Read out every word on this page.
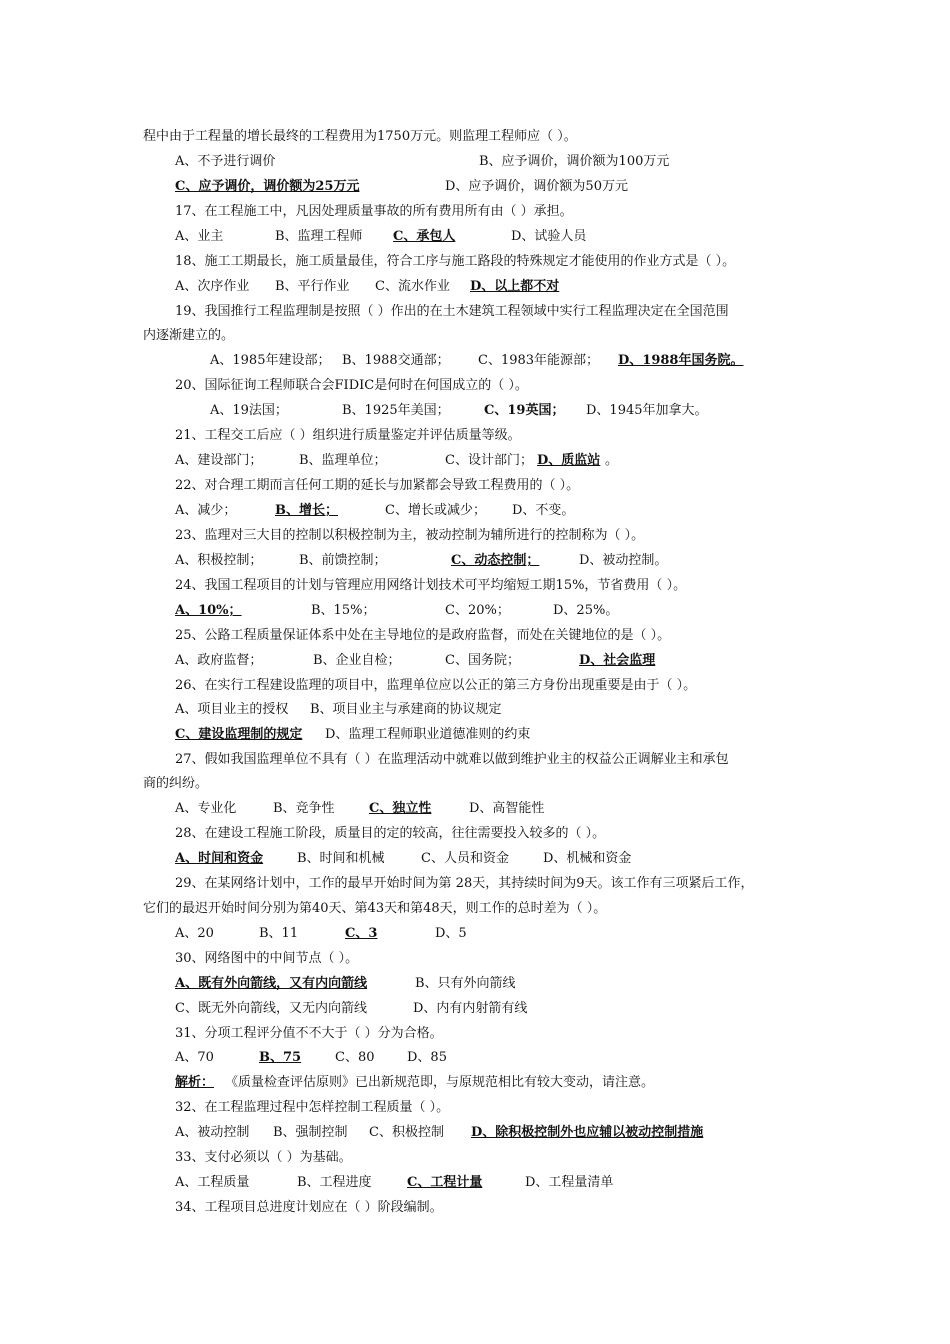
程中由于工程量的增长最终的工程费用为1750万元。则监理工程师应（ ）。
A、不予进行调价	B、应予调价，调价额为100万元
C、应予调价，调价额为25万元	D、应予调价，调价额为50万元
17、在工程施工中，凡因处理质量事故的所有费用所有由（ ）承担。
A、业主	B、监理工程师 C、承包人	D、试验人员
18、施工工期最长，施工质量最佳，符合工序与施工路段的特殊规定才能使用的作业方式是（ ）。
A、次序作业 B、平行作业 C、流水作业 D、以上都不对
19、我国推行工程监理制是按照（ ）作出的在土木建筑工程领域中实行工程监理决定在全国范围
内逐渐建立的。
A、1985年建设部； B、1988交通部； C、1983年能源部； D、1988年国务院。
20、国际征询工程师联合会FIDIC是何时在何国成立的（ ）。
A、19法国；	B、1925年美国；	C、19英国； D、1945年加拿大。
21、工程交工后应（ ）组织进行质量鉴定并评估质量等级。
A、建设部门；	B、监理单位；	C、设计部门； D、质监站 。
22、对合理工期而言任何工期的延长与加紧都会导致工程费用的（ ）。
A、减少；	B、增长；	C、增长或减少； D、不变。
23、监理对三大目的控制以积极控制为主，被动控制为辅所进行的控制称为（ ）。
A、积极控制；	B、前馈控制；	C、动态控制；	D、被动控制。
24、我国工程项目的计划与管理应用网络计划技术可平均缩短工期15%，节省费用（ ）。
A、10%；	B、15%；	C、20%；	D、25%。
25、公路工程质量保证体系中处在主导地位的是政府监督，而处在关键地位的是（ ）。
A、政府监督；	B、企业自检；	C、国务院；	D、社会监理
26、在实行工程建设监理的项目中，监理单位应以公正的第三方身份出现重要是由于（ ）。
A、项目业主的授权 B、项目业主与承建商的协议规定
C、建设监理制的规定 D、监理工程师职业道德准则的约束
27、假如我国监理单位不具有（ ）在监理活动中就难以做到维护业主的权益公正调解业主和承包
商的纠纷。
A、专业化	B、竞争性	C、独立性	D、高智能性
28、在建设工程施工阶段，质量目的定的较高，往往需要投入较多的（ ）。
A、时间和资金	B、时间和机械	C、人员和资金	D、机械和资金
29、在某网络计划中，工作的最早开始时间为第 28天，其持续时间为9天。该工作有三项紧后工作，
它们的最迟开始时间分别为第40天、第43天和第48天，则工作的总时差为（ ）。
A、20	B、11	C、3	D、5
30、网络图中的中间节点（ ）。
A、既有外向箭线，又有内向箭线	B、只有外向箭线
C、既无外向箭线，又无内向箭线	D、内有内射箭有线
31、分项工程评分值不不大于（ ）分为合格。
A、70	B、75	C、80	D、85
解析： 《质量检查评估原则》已出新规范即，与原规范相比有较大变动，请注意。
32、在工程监理过程中怎样控制工程质量（ ）。
A、被动控制 B、强制控制 C、积极控制 D、除积极控制外也应辅以被动控制措施
33、支付必须以（ ）为基础。
A、工程质量	B、工程进度	C、工程计量	D、工程量清单
34、工程项目总进度计划应在（ ）阶段编制。
